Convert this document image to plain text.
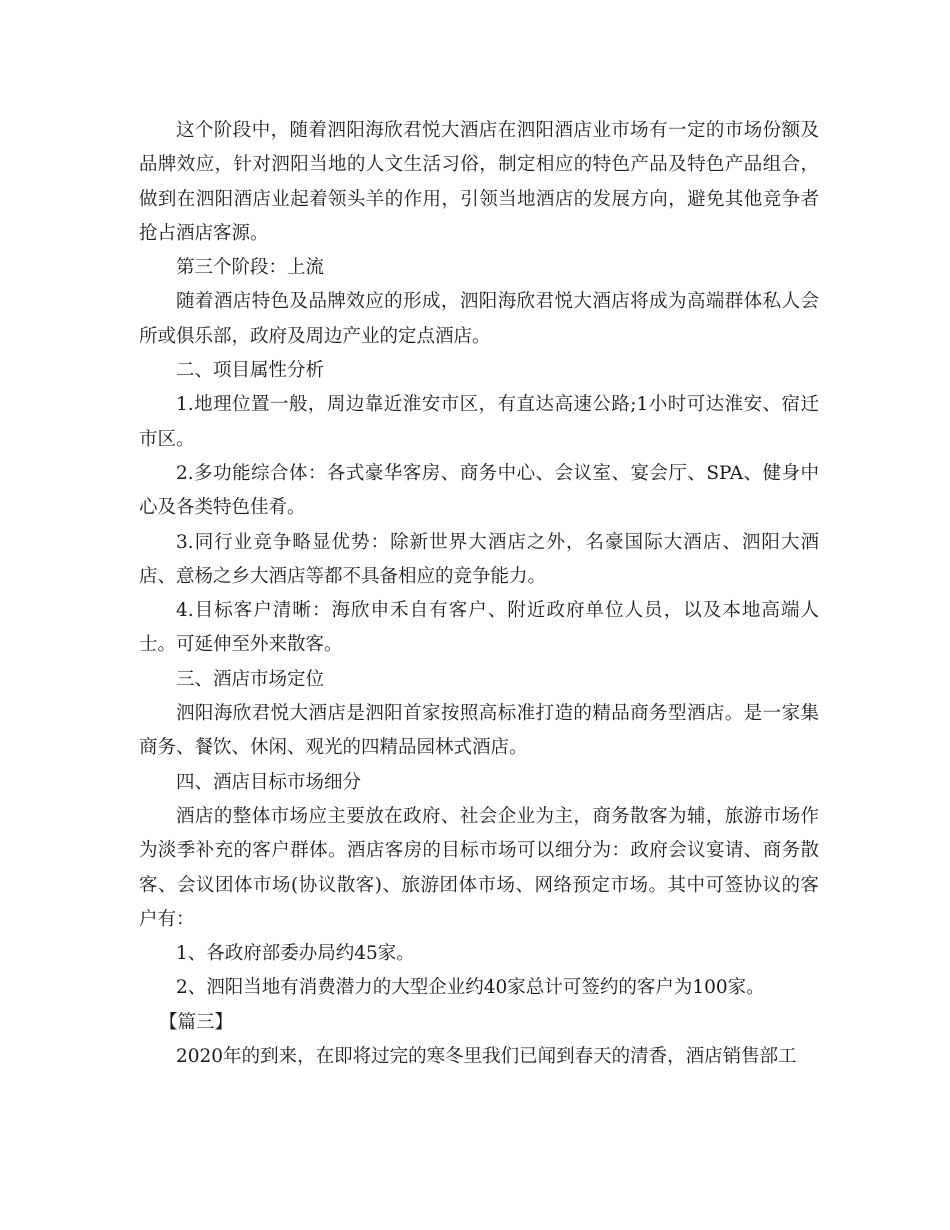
这个阶段中，随着泗阳海欣君悦大酒店在泗阳酒店业市场有一定的市场份额及品牌效应，针对泗阳当地的人文生活习俗，制定相应的特色产品及特色产品组合，做到在泗阳酒店业起着领头羊的作用，引领当地酒店的发展方向，避免其他竞争者抢占酒店客源。

第三个阶段：上流

随着酒店特色及品牌效应的形成，泗阳海欣君悦大酒店将成为高端群体私人会所或俱乐部，政府及周边产业的定点酒店。

二、项目属性分析

1.地理位置一般，周边靠近淮安市区，有直达高速公路;1小时可达淮安、宿迁市区。

2.多功能综合体：各式豪华客房、商务中心、会议室、宴会厅、SPA、健身中心及各类特色佳肴。

3.同行业竞争略显优势：除新世界大酒店之外，名豪国际大酒店、泗阳大酒店、意杨之乡大酒店等都不具备相应的竞争能力。

4.目标客户清晰：海欣申禾自有客户、附近政府单位人员，以及本地高端人士。可延伸至外来散客。

三、酒店市场定位

泗阳海欣君悦大酒店是泗阳首家按照高标准打造的精品商务型酒店。是一家集商务、餐饮、休闲、观光的四精品园林式酒店。

四、酒店目标市场细分

酒店的整体市场应主要放在政府、社会企业为主，商务散客为辅，旅游市场作为淡季补充的客户群体。酒店客房的目标市场可以细分为：政府会议宴请、商务散客、会议团体市场(协议散客)、旅游团体市场、网络预定市场。其中可签协议的客户有：

1、各政府部委办局约45家。

2、泗阳当地有消费潜力的大型企业约40家总计可签约的客户为100家。

【篇三】

2020年的到来，在即将过完的寒冬里我们已闻到春天的清香，酒店销售部工
